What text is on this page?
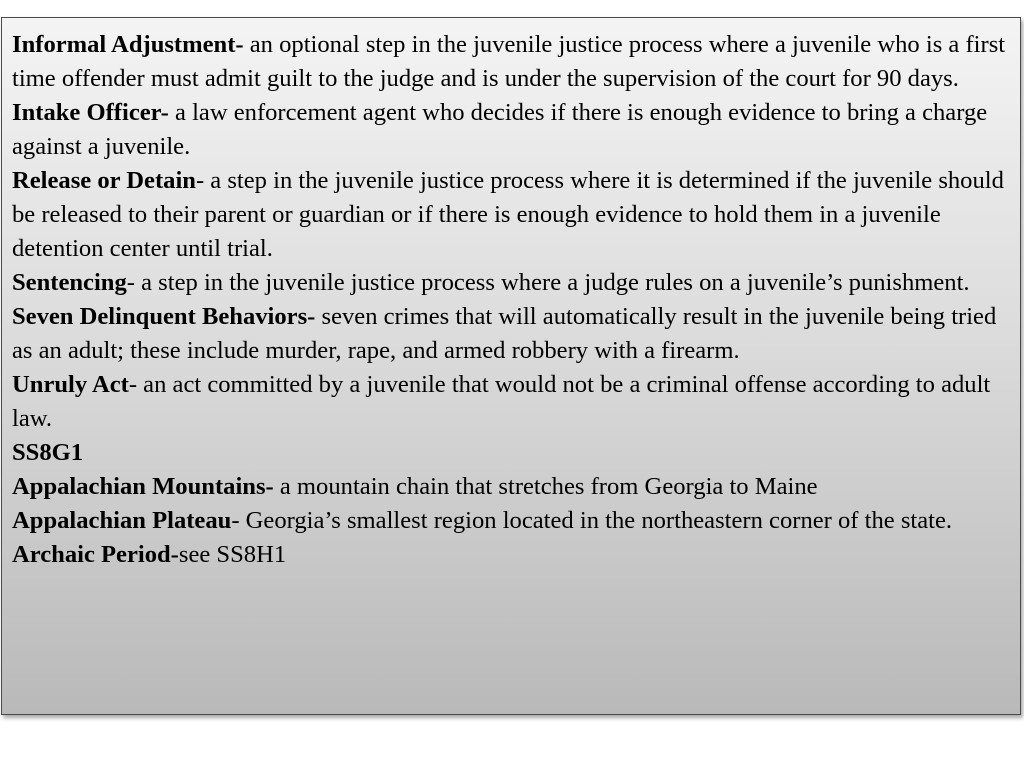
Informal Adjustment- an optional step in the juvenile justice process where a juvenile who is a first time offender must admit guilt to the judge and is under the supervision of the court for 90 days.

Intake Officer- a law enforcement agent who decides if there is enough evidence to bring a charge against a juvenile.

Release or Detain- a step in the juvenile justice process where it is determined if the juvenile should be released to their parent or guardian or if there is enough evidence to hold them in a juvenile detention center until trial.

Sentencing- a step in the juvenile justice process where a judge rules on a juvenile’s punishment.

Seven Delinquent Behaviors- seven crimes that will automatically result in the juvenile being tried as an adult; these include murder, rape, and armed robbery with a firearm.

Unruly Act- an act committed by a juvenile that would not be a criminal offense according to adult law.

SS8G1

Appalachian Mountains- a mountain chain that stretches from Georgia to Maine

Appalachian Plateau- Georgia’s smallest region located in the northeastern corner of the state.

Archaic Period-see SS8H1
